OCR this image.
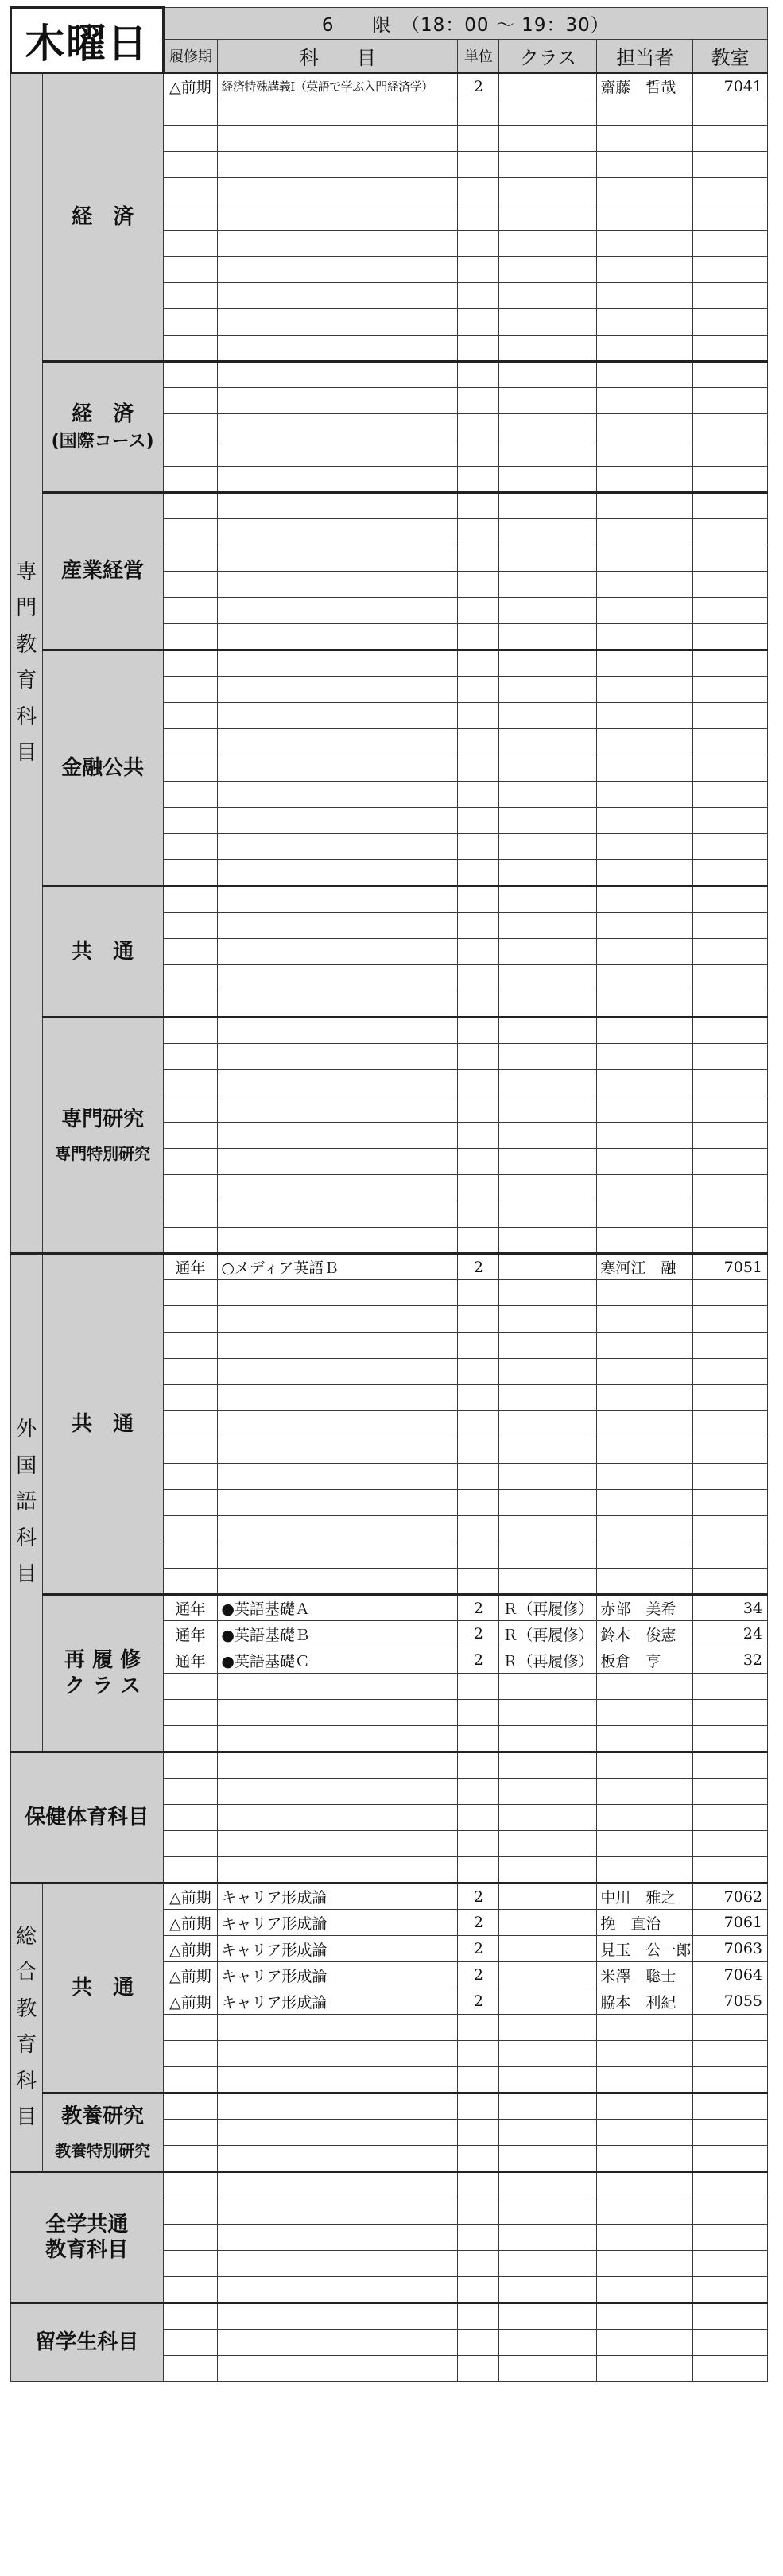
木曜日		6　　限　（18：00 ～ 19：30）					
		履修期	科　　目	単位	クラス	担当者	教室
専門教育科目	経　済	△前期	経済特殊講義Ⅰ（英語で学ぶ入門経済学）	2		齋藤　哲哉	7041

	経　済
(国際コース)						

	産業経営						

	金融公共						

	共　通						

	専門研究
専門特別研究						

外国語科目	共　通	通年	○メディア英語Ｂ	2		寒河江　融	7051

	再 履 修
ク ラ ス	通年	●英語基礎Ａ	2	Ｒ（再履修）	赤部　美希	34
		通年	●英語基礎Ｂ	2	Ｒ（再履修）	鈴木　俊憲	24
		通年	●英語基礎Ｃ	2	Ｒ（再履修）	板倉　亨	32

保健体育科目							

総合教育科目	共　通	△前期	キャリア形成論	2		中川　雅之	7062
		△前期	キャリア形成論	2		挽　直治	7061
		△前期	キャリア形成論	2		見玉　公一郎	7063
		△前期	キャリア形成論	2		米澤　聡士	7064
		△前期	キャリア形成論	2		脇本　利紀	7055

	教養研究
教養特別研究						

全学共通
教育科目							

留学生科目							
